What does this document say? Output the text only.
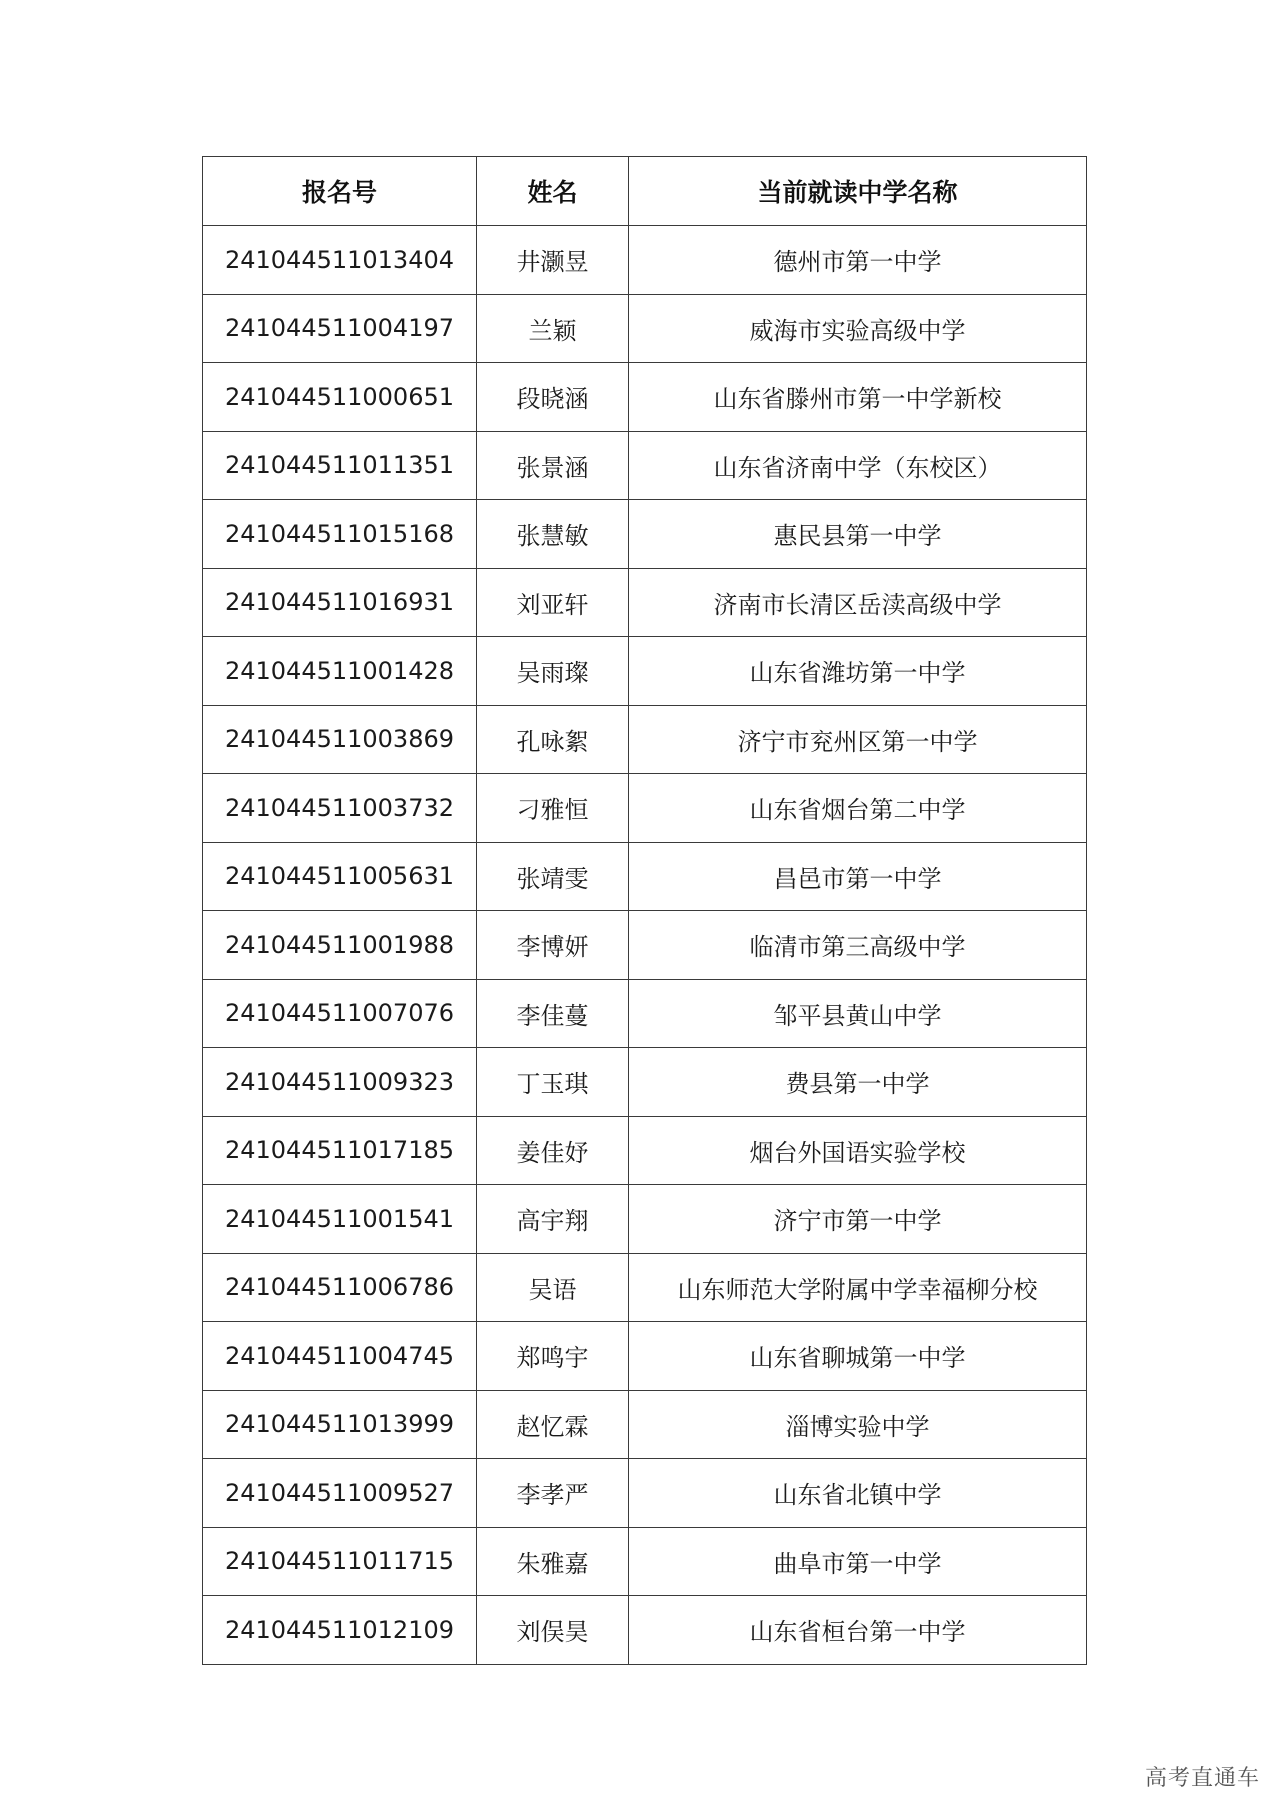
报名号	姓名	当前就读中学名称
241044511013404	井灏昱	德州市第一中学
241044511004197	兰颖	威海市实验高级中学
241044511000651	段晓涵	山东省滕州市第一中学新校
241044511011351	张景涵	山东省济南中学（东校区）
241044511015168	张慧敏	惠民县第一中学
241044511016931	刘亚轩	济南市长清区岳渎高级中学
241044511001428	吴雨璨	山东省潍坊第一中学
241044511003869	孔咏絮	济宁市兖州区第一中学
241044511003732	刁雅恒	山东省烟台第二中学
241044511005631	张靖雯	昌邑市第一中学
241044511001988	李博妍	临清市第三高级中学
241044511007076	李佳蔓	邹平县黄山中学
241044511009323	丁玉琪	费县第一中学
241044511017185	姜佳妤	烟台外国语实验学校
241044511001541	高宇翔	济宁市第一中学
241044511006786	吴语	山东师范大学附属中学幸福柳分校
241044511004745	郑鸣宇	山东省聊城第一中学
241044511013999	赵忆霖	淄博实验中学
241044511009527	李孝严	山东省北镇中学
241044511011715	朱雅嘉	曲阜市第一中学
241044511012109	刘俣昊	山东省桓台第一中学
高考直通车
